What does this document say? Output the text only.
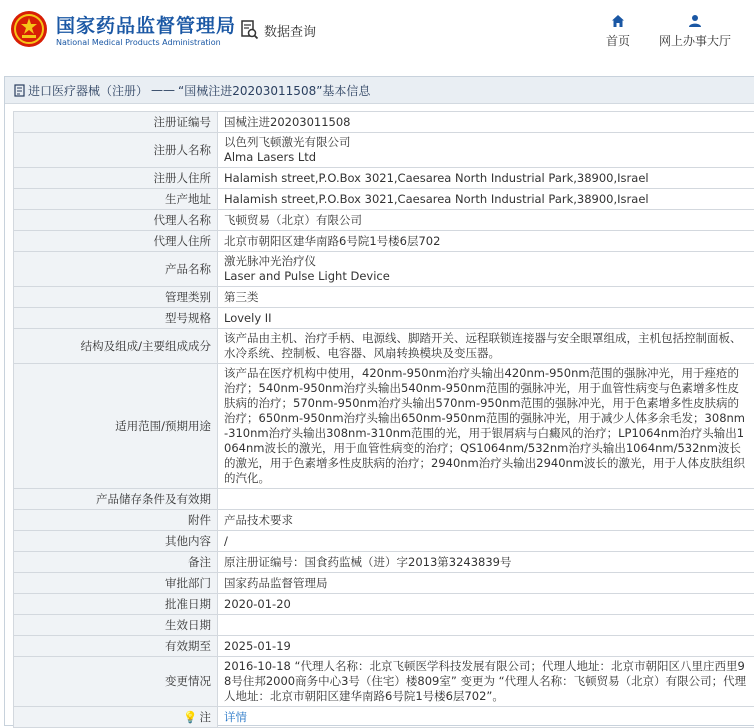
国家药品监督管理局
National Medical Products Administration
数据查询
首页 网上办事大厅
进口医疗器械（注册） —— “国械注进20203011508”基本信息
注册证编号	国械注进20203011508
注册人名称	以色列飞顿激光有限公司
Alma Lasers Ltd

注册人住所	Halamish street,P.O.Box 3021,Caesarea North Industrial Park,38900,Israel
生产地址	Halamish street,P.O.Box 3021,Caesarea North Industrial Park,38900,Israel
代理人名称	飞顿贸易（北京）有限公司
代理人住所	北京市朝阳区建华南路6号院1号楼6层702
产品名称	激光脉冲光治疗仪
Laser and Pulse Light Device

管理类别	第三类
型号规格	Lovely II
结构及组成/主要组成成分	该产品由主机、治疗手柄、电源线、脚踏开关、远程联锁连接器与安全眼罩组成，主机包括控制面板、水冷系统、控制板、电容器、风扇转换模块及变压器。
适用范围/预期用途	该产品在医疗机构中使用，420nm-950nm治疗头输出420nm-950nm范围的强脉冲光，用于痤疮的治疗；540nm-950nm治疗头输出540nm-950nm范围的强脉冲光，用于血管性病变与色素增多性皮肤病的治疗；570nm-950nm治疗头输出570nm-950nm范围的强脉冲光，用于色素增多性皮肤病的治疗；650nm-950nm治疗头输出650nm-950nm范围的强脉冲光，用于减少人体多余毛发；308nm-310nm治疗头输出308nm-310nm范围的光，用于银屑病与白癜风的治疗；LP1064nm治疗头输出1064nm波长的激光，用于血管性病变的治疗；QS1064nm/532nm治疗头输出1064nm/532nm波长的激光，用于色素增多性皮肤病的治疗；2940nm治疗头输出2940nm波长的激光，用于人体皮肤组织的汽化。
产品储存条件及有效期	
附件	产品技术要求
其他内容	/
备注	原注册证编号：国食药监械（进）字2013第3243839号
审批部门	国家药品监督管理局
批准日期	2020-01-20
生效日期	
有效期至	2025-01-19
变更情况	2016-10-18 “代理人名称：北京飞顿医学科技发展有限公司；代理人地址：北京市朝阳区八里庄西里98号住邦2000商务中心3号（住宅）楼809室” 变更为 “代理人名称：飞顿贸易（北京）有限公司；代理人地址：北京市朝阳区建华南路6号院1号楼6层702”。
💡 注	详情
